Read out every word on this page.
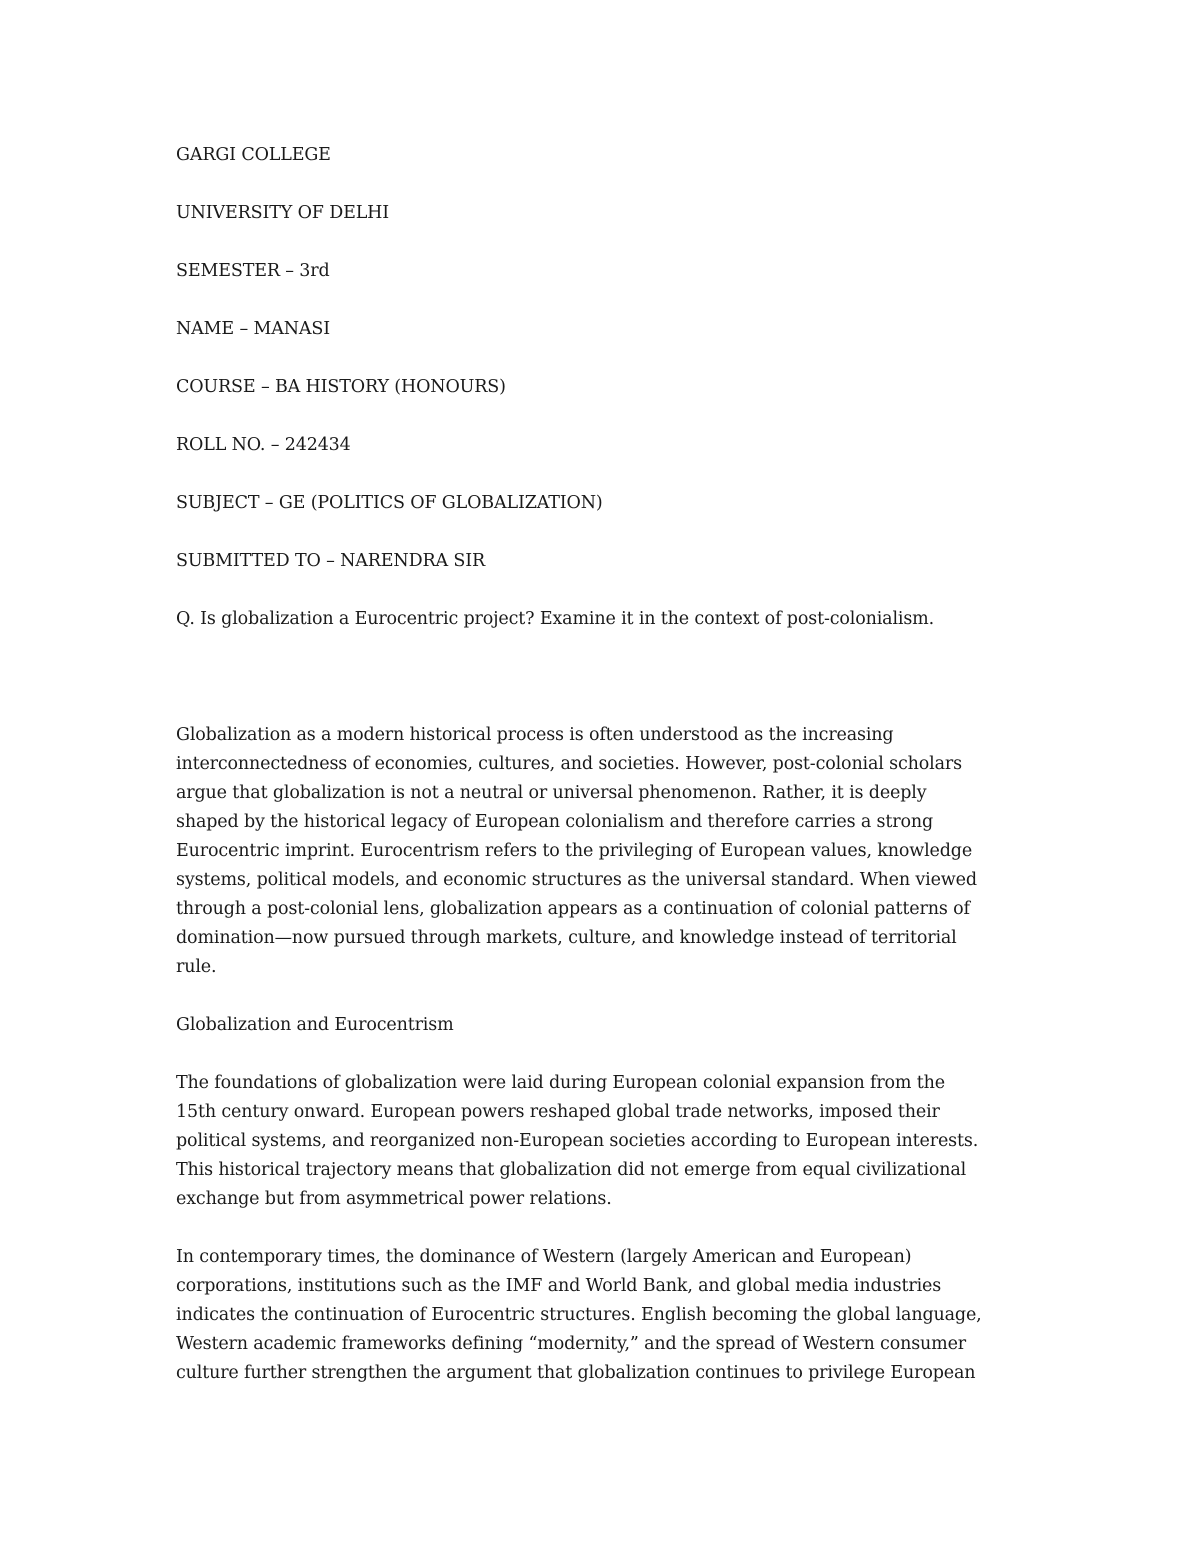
GARGI COLLEGE

UNIVERSITY OF DELHI

SEMESTER – 3rd

NAME – MANASI

COURSE – BA HISTORY (HONOURS)

ROLL NO. – 242434

SUBJECT – GE (POLITICS OF GLOBALIZATION)

SUBMITTED TO – NARENDRA SIR

Q. Is globalization a Eurocentric project? Examine it in the context of post-colonialism.

Globalization as a modern historical process is often understood as the increasing

interconnectedness of economies, cultures, and societies. However, post-colonial scholars

argue that globalization is not a neutral or universal phenomenon. Rather, it is deeply

shaped by the historical legacy of European colonialism and therefore carries a strong

Eurocentric imprint. Eurocentrism refers to the privileging of European values, knowledge

systems, political models, and economic structures as the universal standard. When viewed

through a post-colonial lens, globalization appears as a continuation of colonial patterns of

domination—now pursued through markets, culture, and knowledge instead of territorial

rule.

Globalization and Eurocentrism

The foundations of globalization were laid during European colonial expansion from the

15th century onward. European powers reshaped global trade networks, imposed their

political systems, and reorganized non-European societies according to European interests.

This historical trajectory means that globalization did not emerge from equal civilizational

exchange but from asymmetrical power relations.

In contemporary times, the dominance of Western (largely American and European)

corporations, institutions such as the IMF and World Bank, and global media industries

indicates the continuation of Eurocentric structures. English becoming the global language,

Western academic frameworks defining “modernity,” and the spread of Western consumer

culture further strengthen the argument that globalization continues to privilege European
